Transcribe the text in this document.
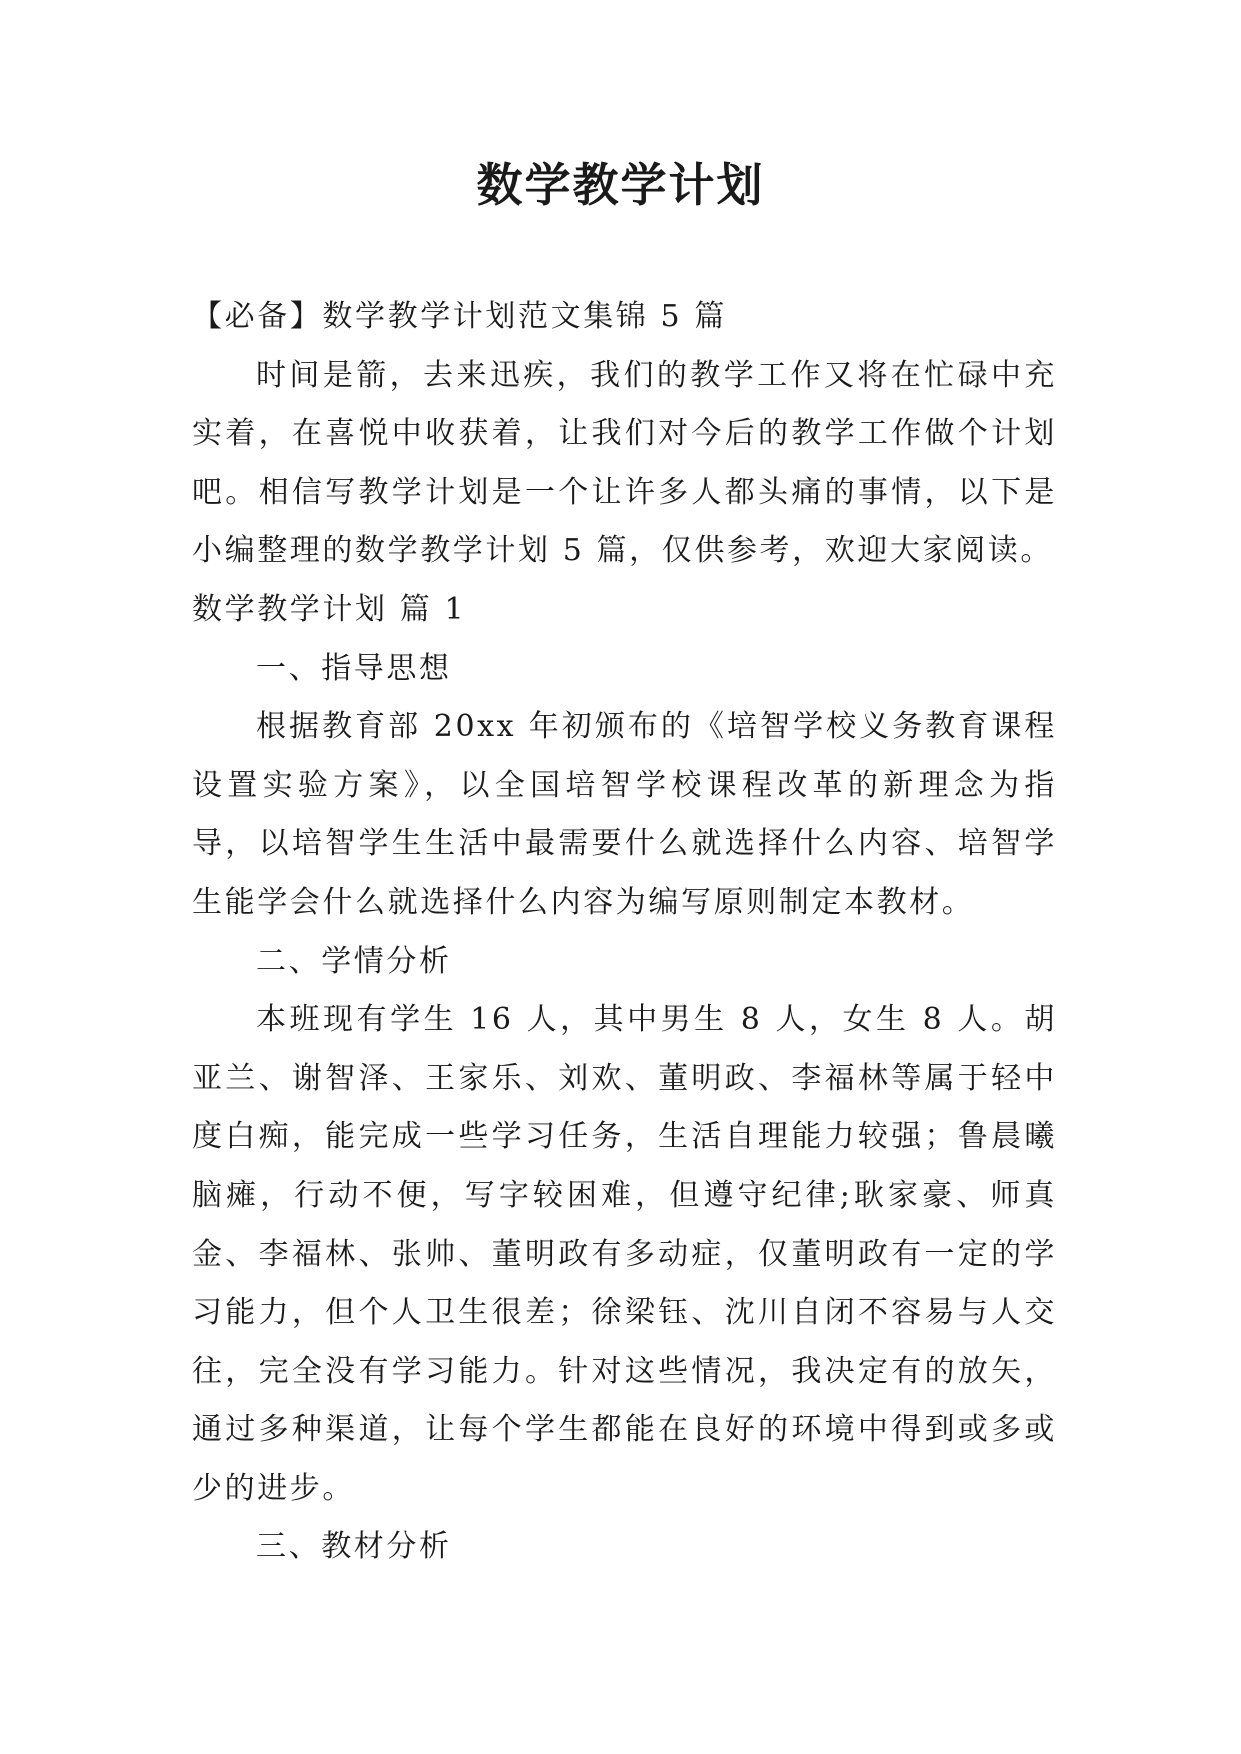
数学教学计划

【必备】数学教学计划范文集锦 5 篇

时间是箭，去来迅疾，我们的教学工作又将在忙碌中充实着，在喜悦中收获着，让我们对今后的教学工作做个计划吧。相信写教学计划是一个让许多人都头痛的事情，以下是小编整理的数学教学计划 5 篇，仅供参考，欢迎大家阅读。

数学教学计划 篇 1

一、指导思想

根据教育部 20xx 年初颁布的《培智学校义务教育课程设置实验方案》，以全国培智学校课程改革的新理念为指导，以培智学生生活中最需要什么就选择什么内容、培智学生能学会什么就选择什么内容为编写原则制定本教材。

二、学情分析

本班现有学生 16 人，其中男生 8 人，女生 8 人。胡亚兰、谢智泽、王家乐、刘欢、董明政、李福林等属于轻中度白痴，能完成一些学习任务，生活自理能力较强；鲁晨曦脑瘫，行动不便，写字较困难，但遵守纪律;耿家豪、师真金、李福林、张帅、董明政有多动症，仅董明政有一定的学习能力，但个人卫生很差；徐梁钰、沈川自闭不容易与人交往，完全没有学习能力。针对这些情况，我决定有的放矢，通过多种渠道，让每个学生都能在良好的环境中得到或多或少的进步。

三、教材分析
